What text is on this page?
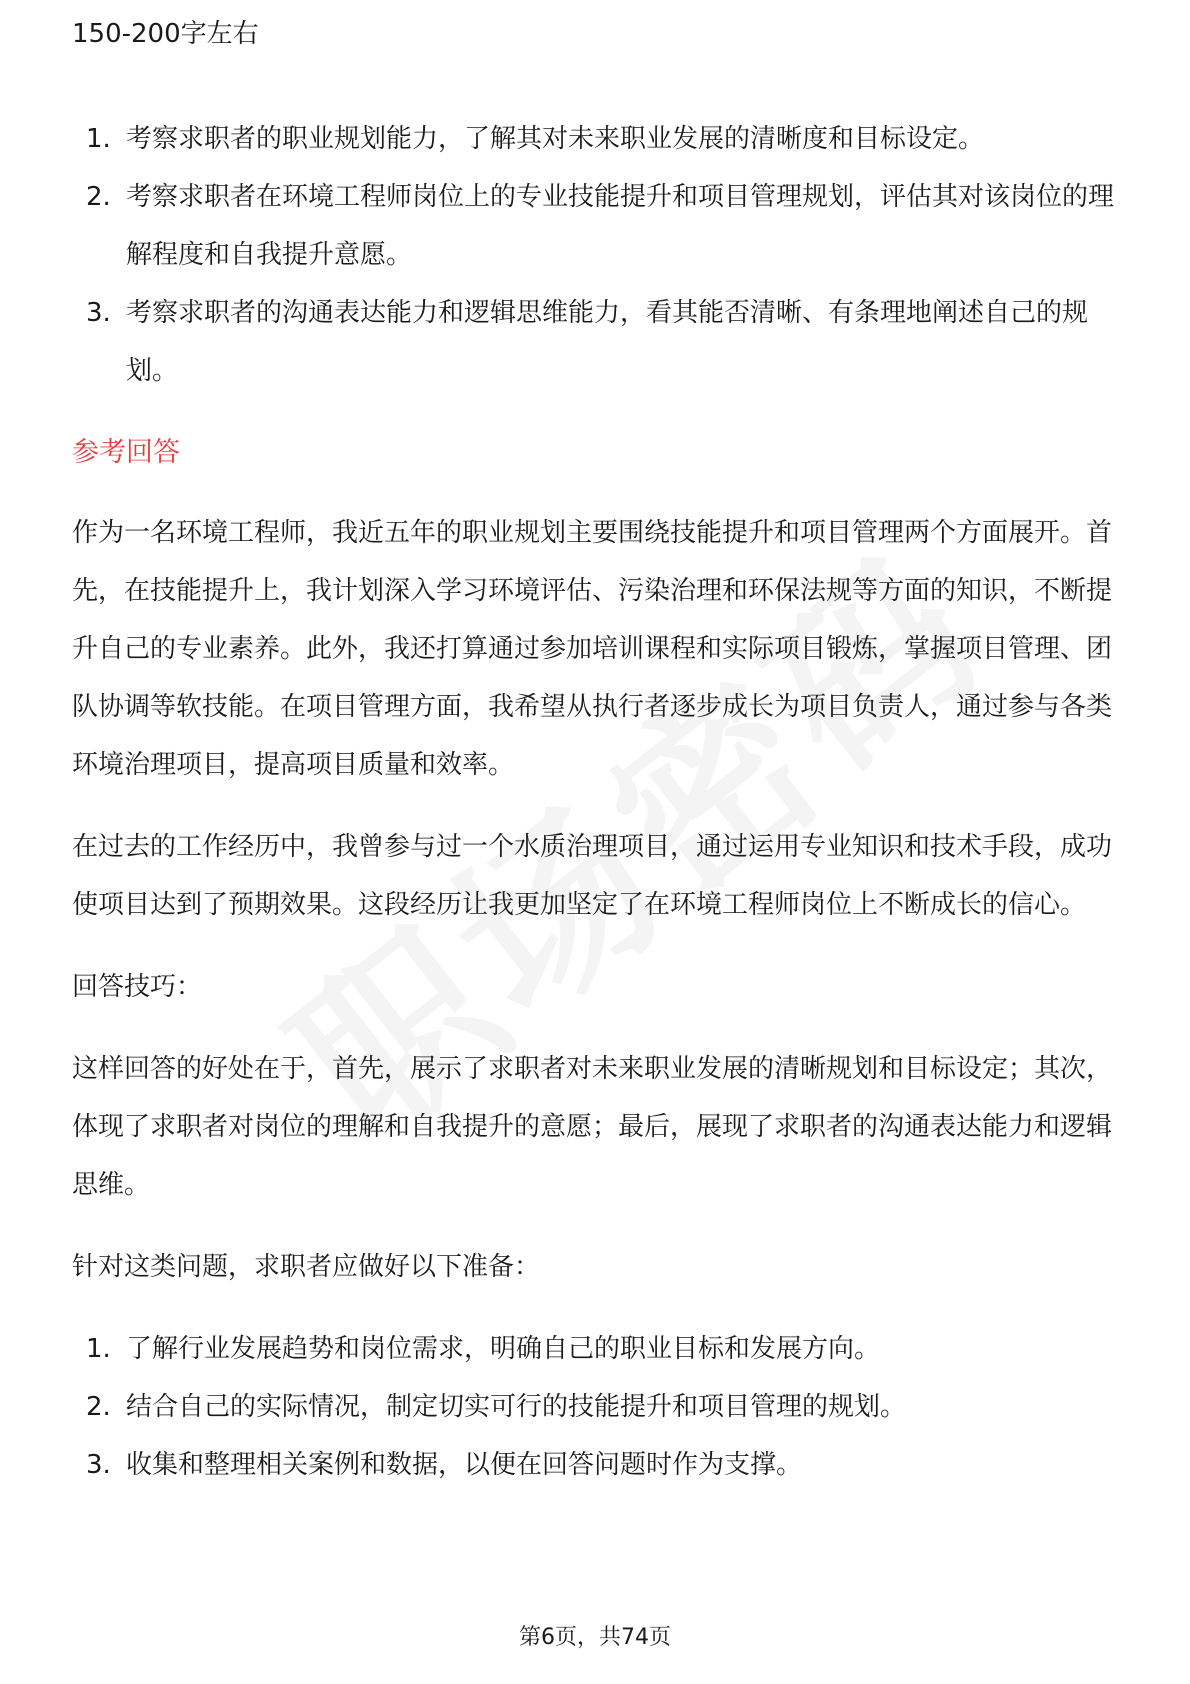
150-200字左右
1. 考察求职者的职业规划能力，了解其对未来职业发展的清晰度和目标设定。
2. 考察求职者在环境工程师岗位上的专业技能提升和项目管理规划，评估其对该岗位的理解程度和自我提升意愿。
3. 考察求职者的沟通表达能力和逻辑思维能力，看其能否清晰、有条理地阐述自己的规划。
参考回答

作为一名环境工程师，我近五年的职业规划主要围绕技能提升和项目管理两个方面展开。首先，在技能提升上，我计划深入学习环境评估、污染治理和环保法规等方面的知识，不断提升自己的专业素养。此外，我还打算通过参加培训课程和实际项目锻炼，掌握项目管理、团队协调等软技能。在项目管理方面，我希望从执行者逐步成长为项目负责人，通过参与各类环境治理项目，提高项目质量和效率。

在过去的工作经历中，我曾参与过一个水质治理项目，通过运用专业知识和技术手段，成功使项目达到了预期效果。这段经历让我更加坚定了在环境工程师岗位上不断成长的信心。

回答技巧：

这样回答的好处在于，首先，展示了求职者对未来职业发展的清晰规划和目标设定；其次，体现了求职者对岗位的理解和自我提升的意愿；最后，展现了求职者的沟通表达能力和逻辑思维。

针对这类问题，求职者应做好以下准备：

1. 了解行业发展趋势和岗位需求，明确自己的职业目标和发展方向。
2. 结合自己的实际情况，制定切实可行的技能提升和项目管理的规划。
3. 收集和整理相关案例和数据，以便在回答问题时作为支撑。
第6页，共74页
